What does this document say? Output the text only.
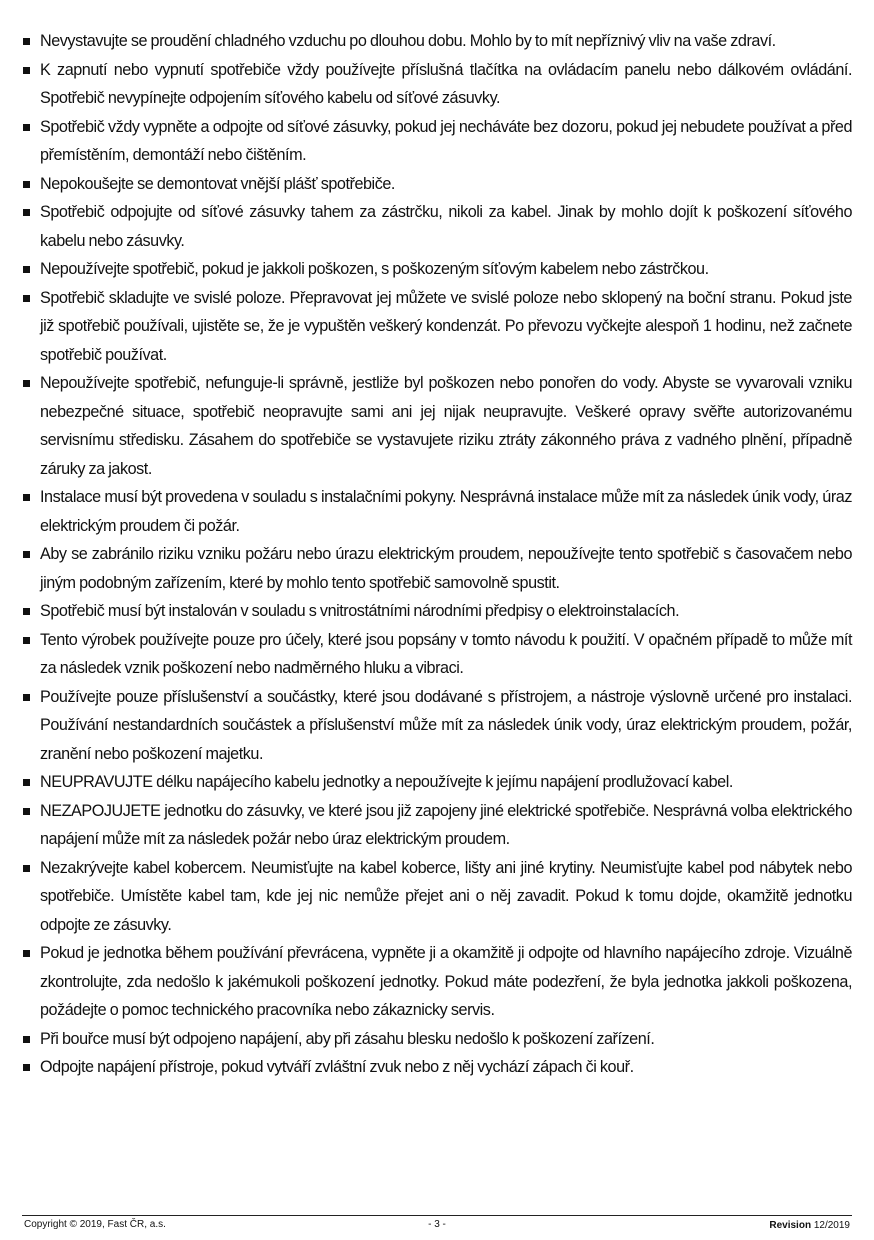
Nevystavujte se proudění chladného vzduchu po dlouhou dobu. Mohlo by to mít nepříznivý vliv na vaše zdraví.
K zapnutí nebo vypnutí spotřebiče vždy používejte příslušná tlačítka na ovládacím panelu nebo dálkovém ovládání. Spotřebič nevypínejte odpojením síťového kabelu od síťové zásuvky.
Spotřebič vždy vypněte a odpojte od síťové zásuvky, pokud jej necháváte bez dozoru, pokud jej nebudete používat a před přemístěním, demontáží nebo čištěním.
Nepokoušejte se demontovat vnější plášť spotřebiče.
Spotřebič odpojujte od síťové zásuvky tahem za zástrčku, nikoli za kabel. Jinak by mohlo dojít k poškození síťového kabelu nebo zásuvky.
Nepoužívejte spotřebič, pokud je jakkoli poškozen, s poškozeným síťovým kabelem nebo zástrčkou.
Spotřebič skladujte ve svislé poloze. Přepravovat jej můžete ve svislé poloze nebo sklopený na boční stranu. Pokud jste již spotřebič používali, ujistěte se, že je vypuštěn veškerý kondenzát. Po převozu vyčkejte alespoň 1 hodinu, než začnete spotřebič používat.
Nepoužívejte spotřebič, nefunguje-li správně, jestliže byl poškozen nebo ponořen do vody. Abyste se vyvarovali vzniku nebezpečné situace, spotřebič neopravujte sami ani jej nijak neupravujte. Veškeré opravy svěřte autorizovanému servisnímu středisku. Zásahem do spotřebiče se vystavujete riziku ztráty zákonného práva z vadného plnění, případně záruky za jakost.
Instalace musí být provedena v souladu s instalačními pokyny. Nesprávná instalace může mít za následek únik vody, úraz elektrickým proudem či požár.
Aby se zabránilo riziku vzniku požáru nebo úrazu elektrickým proudem, nepoužívejte tento spotřebič s časovačem nebo jiným podobným zařízením, které by mohlo tento spotřebič samovolně spustit.
Spotřebič musí být instalován v souladu s vnitrostátními národními předpisy o elektroinstalacích.
Tento výrobek používejte pouze pro účely, které jsou popsány v tomto návodu k použití. V opačném případě to může mít za následek vznik poškození nebo nadměrného hluku a vibraci.
Používejte pouze příslušenství a součástky, které jsou dodávané s přístrojem, a nástroje výslovně určené pro instalaci. Používání nestandardních součástek a příslušenství může mít za následek únik vody, úraz elektrickým proudem, požár, zranění nebo poškození majetku.
NEUPRAVUJTE délku napájecího kabelu jednotky a nepoužívejte k jejímu napájení prodlužovací kabel.
NEZAPOJUJETE jednotku do zásuvky, ve které jsou již zapojeny jiné elektrické spotřebiče. Nesprávná volba elektrického napájení může mít za následek požár nebo úraz elektrickým proudem.
Nezakrývejte kabel kobercem. Neumisťujte na kabel koberce, lišty ani jiné krytiny. Neumisťujte kabel pod nábytek nebo spotřebiče. Umístěte kabel tam, kde jej nic nemůže přejet ani o něj zavadit. Pokud k tomu dojde, okamžitě jednotku odpojte ze zásuvky.
Pokud je jednotka během používání převrácena, vypněte ji a okamžitě ji odpojte od hlavního napájecího zdroje. Vizuálně zkontrolujte, zda nedošlo k jakémukoli poškození jednotky. Pokud máte podezření, že byla jednotka jakkoli poškozena, požádejte o pomoc technického pracovníka nebo zákaznicky servis.
Při bouřce musí být odpojeno napájení, aby při zásahu blesku nedošlo k poškození zařízení.
Odpojte napájení přístroje, pokud vytváří zvláštní zvuk nebo z něj vychází zápach či kouř.
Copyright © 2019, Fast ČR, a.s.	- 3 -	Revision 12/2019
